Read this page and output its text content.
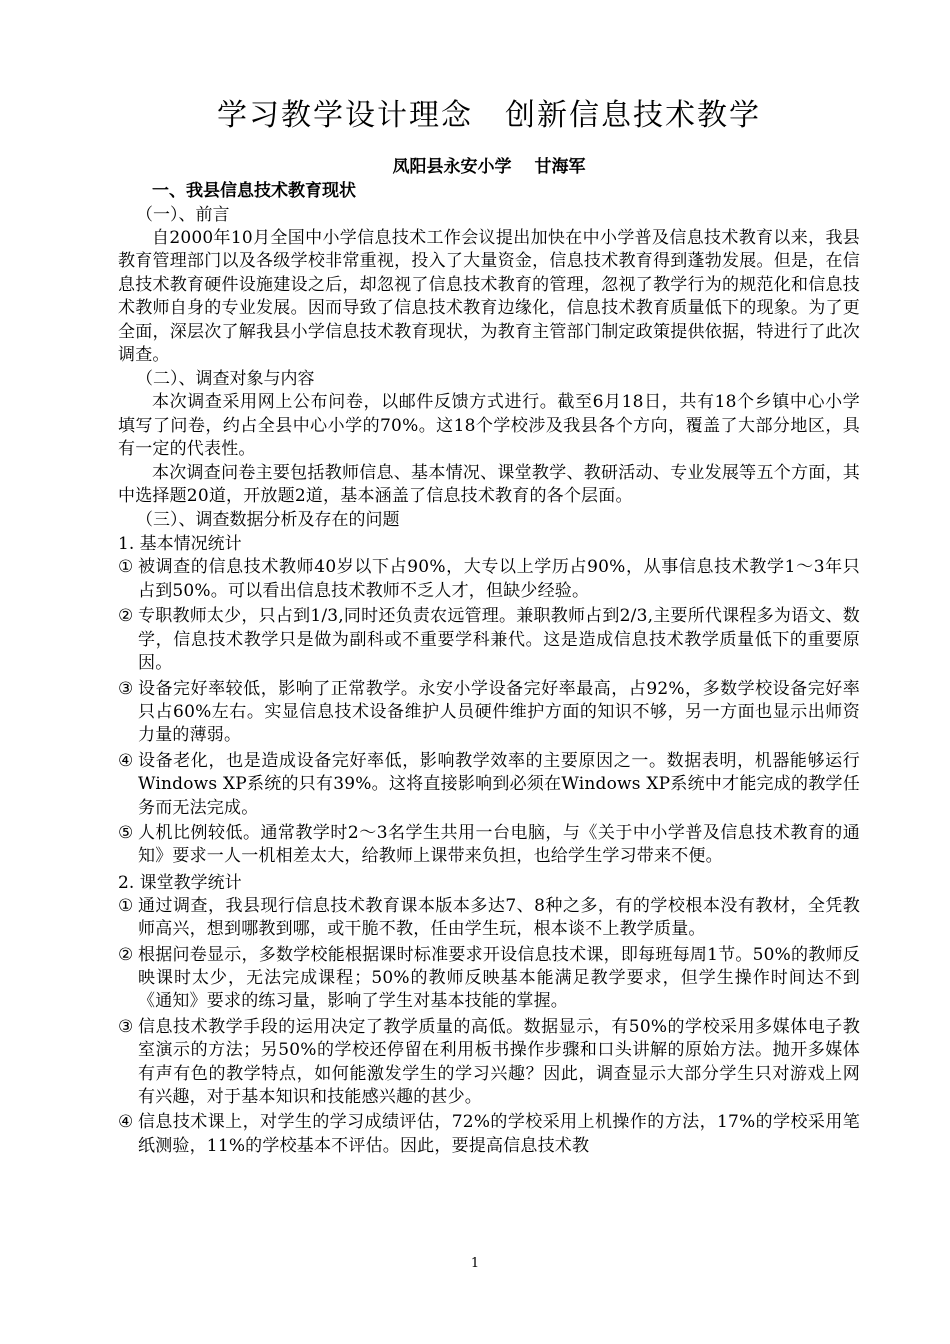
学习教学设计理念　创新信息技术教学
凤阳县永安小学　 甘海军
一、我县信息技术教育现状
（一）、前言

自2000年10月全国中小学信息技术工作会议提出加快在中小学普及信息技术教育以来，我县教育管理部门以及各级学校非常重视，投入了大量资金，信息技术教育得到蓬勃发展。但是，在信息技术教育硬件设施建设之后，却忽视了信息技术教育的管理，忽视了教学行为的规范化和信息技术教师自身的专业发展。因而导致了信息技术教育边缘化，信息技术教育质量低下的现象。为了更全面，深层次了解我县小学信息技术教育现状，为教育主管部门制定政策提供依据，特进行了此次调查。

（二）、调查对象与内容

本次调查采用网上公布问卷，以邮件反馈方式进行。截至6月18日，共有18个乡镇中心小学填写了问卷，约占全县中心小学的70%。这18个学校涉及我县各个方向，覆盖了大部分地区，具有一定的代表性。

本次调查问卷主要包括教师信息、基本情况、课堂教学、教研活动、专业发展等五个方面，其中选择题20道，开放题2道，基本涵盖了信息技术教育的各个层面。

（三）、调查数据分析及存在的问题
1. 基本情况统计
① 被调查的信息技术教师40岁以下占90%，大专以上学历占90%，从事信息技术教学1～3年只占到50%。可以看出信息技术教师不乏人才，但缺少经验。
② 专职教师太少，只占到1/3,同时还负责农远管理。兼职教师占到2/3,主要所代课程多为语文、数学，信息技术教学只是做为副科或不重要学科兼代。这是造成信息技术教学质量低下的重要原因。
③ 设备完好率较低，影响了正常教学。永安小学设备完好率最高，占92%，多数学校设备完好率只占60%左右。实显信息技术设备维护人员硬件维护方面的知识不够，另一方面也显示出师资力量的薄弱。
④ 设备老化，也是造成设备完好率低，影响教学效率的主要原因之一。数据表明，机器能够运行Windows XP系统的只有39%。这将直接影响到必须在Windows XP系统中才能完成的教学任务而无法完成。
⑤ 人机比例较低。通常教学时2～3名学生共用一台电脑，与《关于中小学普及信息技术教育的通知》要求一人一机相差太大，给教师上课带来负担，也给学生学习带来不便。
2. 课堂教学统计
① 通过调查，我县现行信息技术教育课本版本多达7、8种之多，有的学校根本没有教材，全凭教师高兴，想到哪教到哪，或干脆不教，任由学生玩，根本谈不上教学质量。
② 根据问卷显示，多数学校能根据课时标准要求开设信息技术课，即每班每周1节。50%的教师反映课时太少，无法完成课程；50%的教师反映基本能满足教学要求，但学生操作时间达不到《通知》要求的练习量，影响了学生对基本技能的掌握。
③ 信息技术教学手段的运用决定了教学质量的高低。数据显示，有50%的学校采用多媒体电子教室演示的方法；另50%的学校还停留在利用板书操作步骤和口头讲解的原始方法。抛开多媒体有声有色的教学特点，如何能激发学生的学习兴趣？因此，调查显示大部分学生只对游戏上网有兴趣，对于基本知识和技能感兴趣的甚少。
④ 信息技术课上，对学生的学习成绩评估，72%的学校采用上机操作的方法，17%的学校采用笔纸测验，11%的学校基本不评估。因此，要提高信息技术教
1
